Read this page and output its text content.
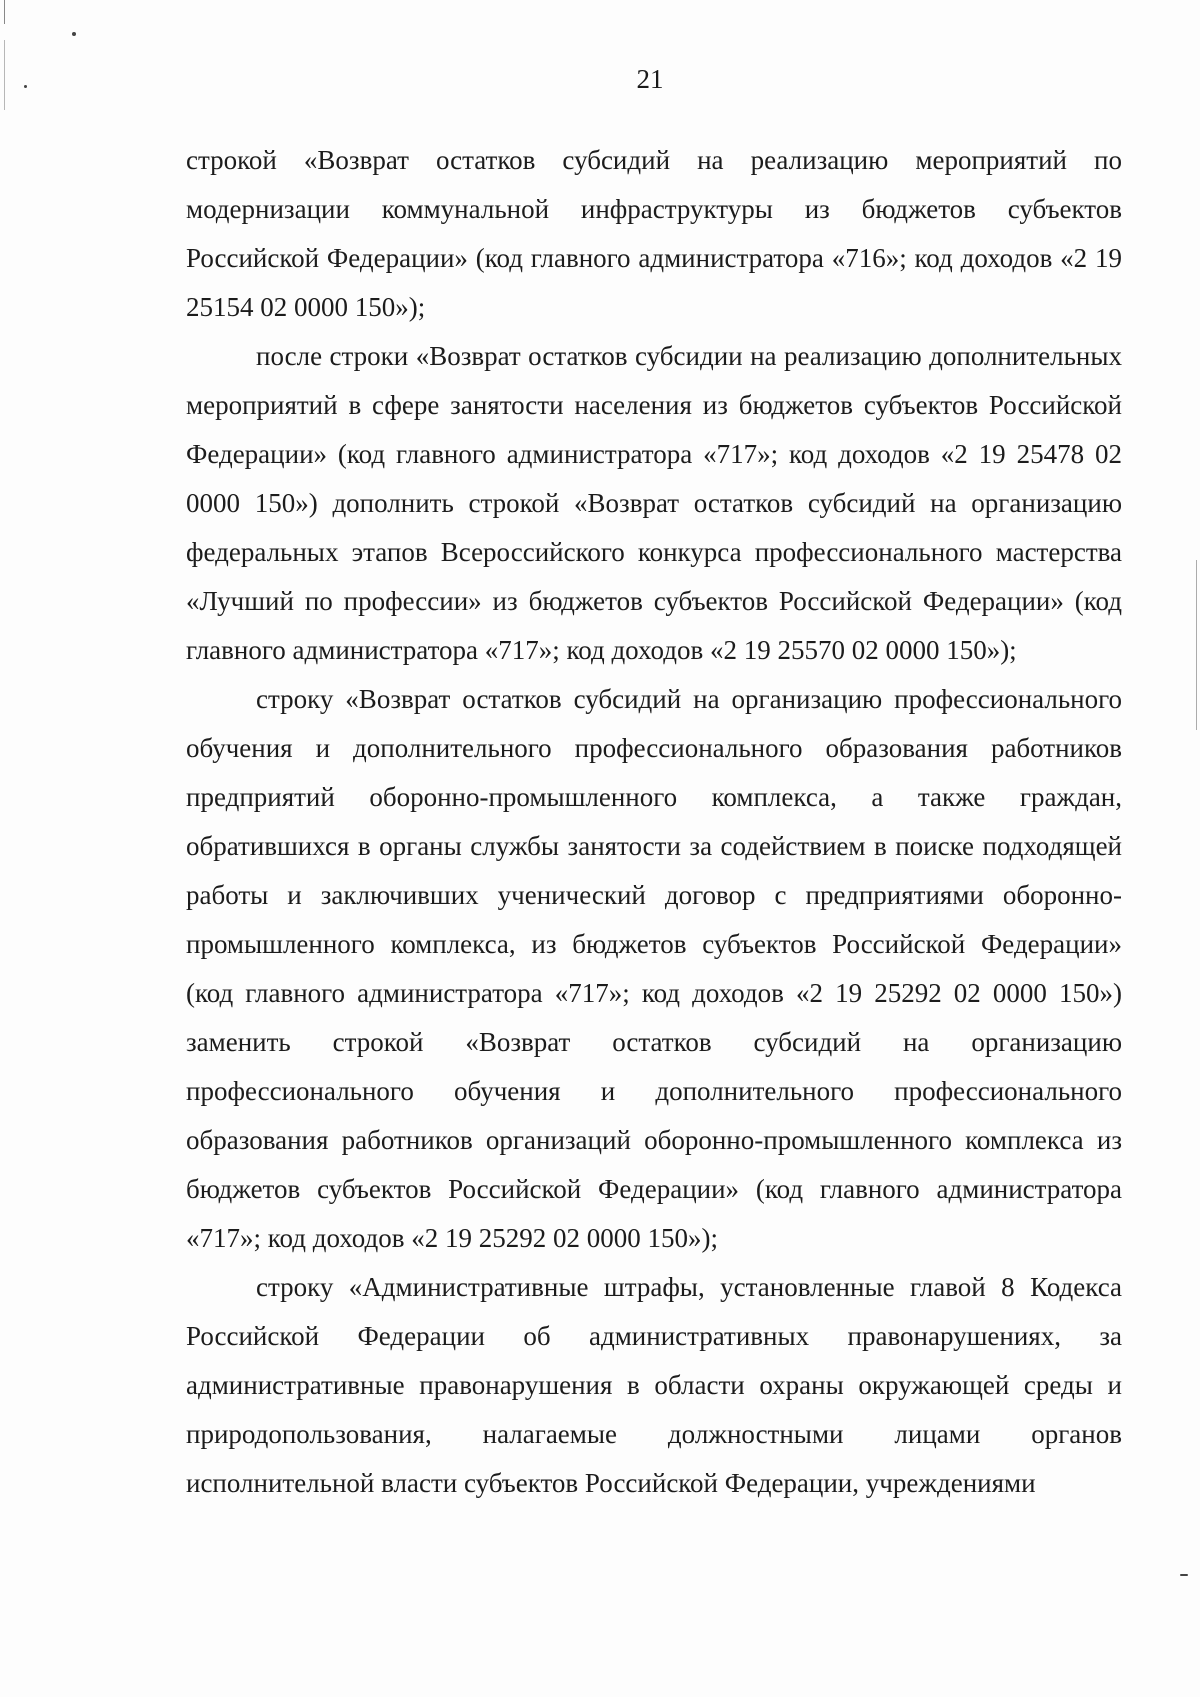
21

строкой «Возврат остатков субсидий на реализацию мероприятий по модернизации коммунальной инфраструктуры из бюджетов субъектов Российской Федерации» (код главного администратора «716»; код доходов «2 19 25154 02 0000 150»);

после строки «Возврат остатков субсидии на реализацию дополнительных мероприятий в сфере занятости населения из бюджетов субъектов Российской Федерации» (код главного администратора «717»; код доходов «2 19 25478 02 0000 150») дополнить строкой «Возврат остатков субсидий на организацию федеральных этапов Всероссийского конкурса профессионального мастерства «Лучший по профессии» из бюджетов субъектов Российской Федерации» (код главного администратора «717»; код доходов «2 19 25570 02 0000 150»);

строку «Возврат остатков субсидий на организацию профессионального обучения и дополнительного профессионального образования работников предприятий оборонно-промышленного комплекса, а также граждан, обратившихся в органы службы занятости за содействием в поиске подходящей работы и заключивших ученический договор с предприятиями оборонно-промышленного комплекса, из бюджетов субъектов Российской Федерации» (код главного администратора «717»; код доходов «2 19 25292 02 0000 150») заменить строкой «Возврат остатков субсидий на организацию профессионального обучения и дополнительного профессионального образования работников организаций оборонно-промышленного комплекса из бюджетов субъектов Российской Федерации» (код главного администратора «717»; код доходов «2 19 25292 02 0000 150»);

строку «Административные штрафы, установленные главой 8 Кодекса Российской Федерации об административных правонарушениях, за административные правонарушения в области охраны окружающей среды и природопользования, налагаемые должностными лицами органов исполнительной власти субъектов Российской Федерации, учреждениями
